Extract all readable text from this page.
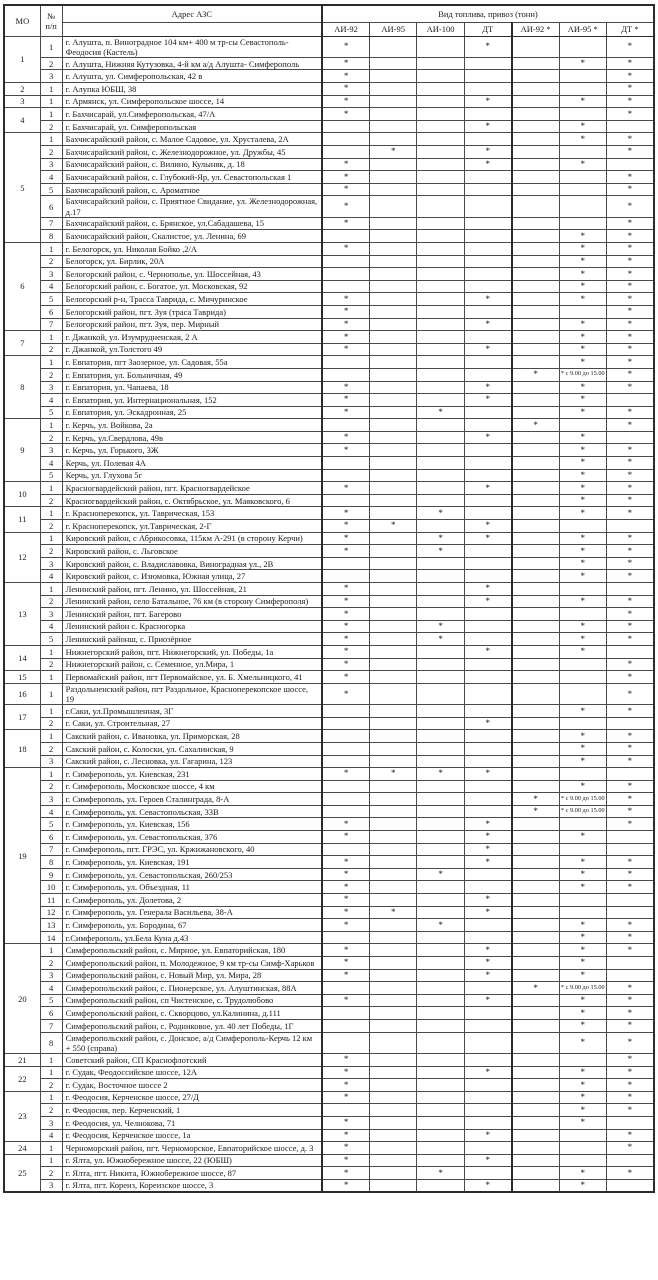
МО	№ п/п	Адрес АЗС	Вид топлива, привоз (тонн)						
			АИ-92	АИ-95	АИ-100	ДТ	АИ-92 *	АИ-95 *	ДТ *
1	1	г. Алушта, п. Виноградное 104 км+ 400 м тр-сы Севастополь-Феодосия (Кастель)	*			*			*
	2	г. Алушта, Нижняя Кутузовка, 4-й км а/д Алушта- Симферополь	*					*	*
	3	г. Алушта, ул. Симферопольская, 42 в	*						*
2	1	г. Алупка ЮБШ, 38	*						*
3	1	г. Армянск, ул. Симферопольское шоссе, 14	*			*		*	*
4	1	г. Бахчисарай, ул.Симферопольская, 47/А	*						*
	2	г. Бахчисарай, ул. Симферопольская				*		*	
5	1	Бахчисарайский район, с. Малое Садовое, ул. Хрусталева, 2А						*	*
	2	Бахчисарайский район, с. Железнодорожное, ул. Дружбы, 45		*		*			*
	3	Бахчисарайский район, с. Вилино, Кулыняк, д. 18	*			*		*	
	4	Бахчисарайский район, с. Глубокий-Яр, ул. Севастопольская 1	*						*
	5	Бахчисарайский район, с. Ароматное	*						*
	6	Бахчисарайский район, с. Приятное Свидание, ул. Железнодорожная, д.17	*						*
	7	Бахчисарайский район, с. Брянское, ул.Сабадашева, 15	*						*
	8	Бахчисарайский район, Скалистое, ул. Ленина, 69						*	*
6	1	г. Белогорск, ул. Николая Бойко ,2/А	*					*	*
	2	Белогорск, ул. Бирлик, 20А						*	*
	3	Белогорский район, с. Чернополье, ул. Шоссейная, 43						*	*
	4	Белогорский район, с. Богатое, ул. Московская, 92						*	*
	5	Белогорский р-н, Трасса Таврида, с. Мичуринское	*			*		*	*
	6	Белогорский район, пгт. Зуя (траса Таврида)	*						*
	7	Белогорский район, пгт. Зуя, пер. Мирный	*			*		*	*
7	1	г. Джанкой, ул. Изумрудненская, 2 А	*					*	*
	2	г. Джанкой, ул.Толстого 49	*			*		*	*
8	1	г. Евпатория, пгт Заозерное, ул. Садовая, 55а						*	*
	2	г. Евпатория, ул. Больничная, 49					*	* с 9.00 до 15.00	*
	3	г. Евпатория, ул. Чапаева, 18	*			*		*	*
	4	г. Евпатория, ул. Интернациональная, 152	*			*		*	
	5	г. Евпатория, ул. Эскадронная, 25	*		*			*	*
9	1	г. Керчь, ул. Войкова, 2а					*		*
	2	г. Керчь, ул.Свердлова, 49в	*			*		*	
	3	г. Керчь, ул. Горького, 3Ж	*					*	*
	4	Керчь, ул. Полевая 4А						*	*
	5	Керчь, ул. Глухова 5г						*	*
10	1	Красногвардейский район, пгт. Красногвардейское	*			*		*	*
	2	Красногвардейский район, с. Октябрьское, ул. Маяковского, 6						*	*
11	1	г. Красноперекопск, ул. Таврическая, 153	*		*			*	*
	2	г. Красноперекопск, ул.Таврическая, 2-Г	*	*		*			
12	1	Кировский район, с Абрикосовка, 115км А-291 (в сторону Керчи)	*		*	*		*	*
	2	Кировский район, с. Льговское	*		*			*	*
	3	Кировский район, с. Владиславовка, Виноградная ул., 2В						*	*
	4	Кировский район, с. Изюмовка, Южная улица, 27						*	*
13	1	Ленинский район, пгт. Ленино, ул. Шоссейная, 21	*			*			
	2	Ленинский район, село Батальное, 76 км (в сторону Симферополя)	*			*		*	*
	3	Ленинский район, пгт. Багерово	*						*
	4	Ленинский район с. Красногорка	*		*			*	*
	5	Ленинский районш, с. Приозёрное	*		*			*	*
14	1	Нижнегорский район, пгт. Нижнегорский, ул. Победы, 1а	*			*		*	
	2	Нижнегорский район, с. Семенное, ул.Мира, 1	*						*
15	1	Первомайский район, пгт Первомайское, ул. Б. Хмельницкого, 41	*						*
16	1	Раздольненский район, пгт Раздольное, Красноперекопское шоссе, 19	*						*
17	1	г.Саки, ул.Промышленная, 3Г						*	*
	2	г. Саки, ул. Строительная, 27				*			
18	1	Сакский район, с. Ивановка, ул. Приморская, 28						*	*
	2	Сакский район, с. Колоски, ул. Сахалинская, 9						*	*
	3	Сакский район, с. Лесновка, ул. Гагарина, 123						*	*
19	1	г. Симферополь, ул. Киевская, 231	*	*	*	*			
	2	г. Симферополь, Московское шоссе, 4 км						*	*
	3	г. Симферополь, ул. Героев Сталинграда, 8-А					*	* с 9.00 до 15.00	*
	4	г. Симферополь, ул. Севастопольская, 33В					*	* с 9.00 до 15.00	*
	5	г. Симферополь, ул. Киевская, 156	*			*			*
	6	г. Симферополь, ул. Севастопольская, 376	*			*		*	
	7	г. Симферополь, пгт. ГРЭС, ул. Кржижановского, 40				*			
	8	г. Симферополь, ул. Киевская, 191	*			*		*	*
	9	г. Симферополь, ул. Севастопольская, 260/253	*		*			*	*
	10	г. Симферополь, ул. Объездная, 11	*					*	*
	11	г. Симферополь, ул. Долетова, 2	*			*			
	12	г. Симферополь, ул. Генерала Васильева, 38-А	*	*		*			
	13	г. Симферополь, ул. Бородина, 67	*		*			*	*
	14	г.Симферополь, ул.Бела Куна д.43						*	*
20	1	Симферопольский район, с. Мирное, ул. Евпаторийская, 180	*			*		*	*
	2	Симферопольский район, п. Молодежное, 9 км тр-сы Симф-Харьков	*			*		*	
	3	Симферопольский район, с. Новый Мир, ул. Мира, 28	*			*		*	
	4	Симферопольский район, с. Пионерское, ул. Алуштинская, 88А					*	* с 9.00 до 15.00	*
	5	Симферопольский район, сп Чистенское, с. Трудолюбово	*			*		*	*
	6	Симферопольский район, с. Скворцово, ул.Калинина, д.111						*	*
	7	Симферопольский район, с. Родниковое, ул. 40 лет Победы, 1Г						*	*
	8	Симферопольский район, с. Донское, а/д Симферополь-Керчь 12 км + 550 (справа)						*	*
21	1	Советский район, СП Краснофлотский	*						*
22	1	г. Судак, Феодоссийское шоссе, 12А	*			*		*	*
	2	г. Судак, Восточное шоссе 2	*					*	*
23	1	г. Феодосия, Керченское шоссе, 27/Д	*					*	*
	2	г. Феодосия, пер. Керченский, 1						*	*
	3	г. Феодосия, ул. Челнокова, 71	*					*	
	4	г. Феодосия, Керченское шоссе, 1а	*			*			*
24	1	Черноморский район, пгт. Черноморское, Евпаторийское шоссе, д. 3	*						*
25	1	г. Ялта, ул. Южнобережное шоссе, 22 (ЮБШ)	*			*			
	2	г. Ялта, пгт. Никита, Южнобережное шоссе, 87	*		*			*	*
	3	г. Ялта, пгт. Кореиз, Кореизское шоссе, 3	*			*		*	
